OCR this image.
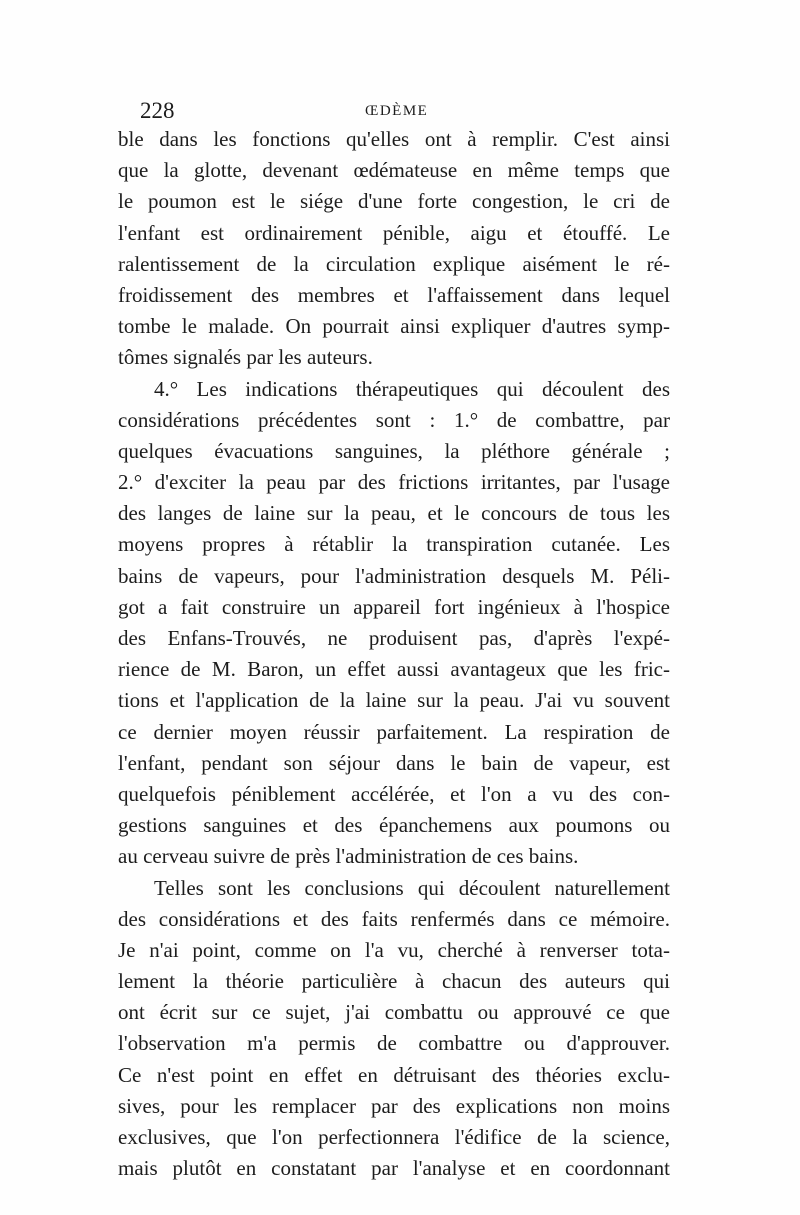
228	ŒDÈME
ble dans les fonctions qu'elles ont à remplir. C'est ainsi
que la glotte, devenant œdémateuse en même temps que
le poumon est le siége d'une forte congestion, le cri de
l'enfant est ordinairement pénible, aigu et étouffé. Le
ralentissement de la circulation explique aisément le ré-
froidissement des membres et l'affaissement dans lequel
tombe le malade. On pourrait ainsi expliquer d'autres symp-
tômes signalés par les auteurs.
4.° Les indications thérapeutiques qui découlent des
considérations précédentes sont : 1.° de combattre, par
quelques évacuations sanguines, la pléthore générale ;
2.° d'exciter la peau par des frictions irritantes, par l'usage
des langes de laine sur la peau, et le concours de tous les
moyens propres à rétablir la transpiration cutanée. Les
bains de vapeurs, pour l'administration desquels M. Péli-
got a fait construire un appareil fort ingénieux à l'hospice
des Enfans-Trouvés, ne produisent pas, d'après l'expé-
rience de M. Baron, un effet aussi avantageux que les fric-
tions et l'application de la laine sur la peau. J'ai vu souvent
ce dernier moyen réussir parfaitement. La respiration de
l'enfant, pendant son séjour dans le bain de vapeur, est
quelquefois péniblement accélérée, et l'on a vu des con-
gestions sanguines et des épanchemens aux poumons ou
au cerveau suivre de près l'administration de ces bains.
Telles sont les conclusions qui découlent naturellement
des considérations et des faits renfermés dans ce mémoire.
Je n'ai point, comme on l'a vu, cherché à renverser tota-
lement la théorie particulière à chacun des auteurs qui
ont écrit sur ce sujet, j'ai combattu ou approuvé ce que
l'observation m'a permis de combattre ou d'approuver.
Ce n'est point en effet en détruisant des théories exclu-
sives, pour les remplacer par des explications non moins
exclusives, que l'on perfectionnera l'édifice de la science,
mais plutôt en constatant par l'analyse et en coordonnant
